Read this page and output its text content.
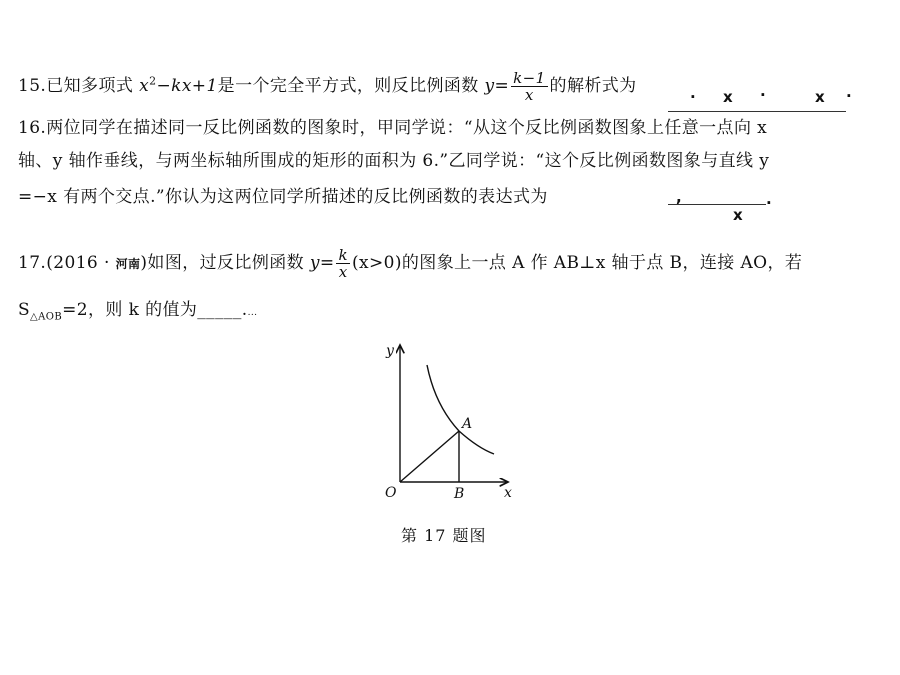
15.已知多项式 $x^2-kx+1$是一个完全平方式，则反比例函数 $y= \frac{k-1}{x}$ 的解析式为
· x ·	x .
16.两位同学在描述同一反比例函数的图象时，甲同学说：“从这个反比例函数图象上任意一点向 x
轴、y 轴作垂线，与两坐标轴所围成的矩形的面积为 6.”乙同学说：“这个反比例函数图象与直线 y
=−x 有两个交点.”你认为这两位同学所描述的反比例函数的表达式为	,
x
.
17.(2016 · 河南)如图，过反比例函数 $y= \frac{k}{x} (x>0)$的图象上一点 A 作 AB⊥x 轴于点 B，连接 AO，若
$S_{\triangle AOB}=2$，则 k 的值为_____....
y
x
O
A
B
第 17 题图
